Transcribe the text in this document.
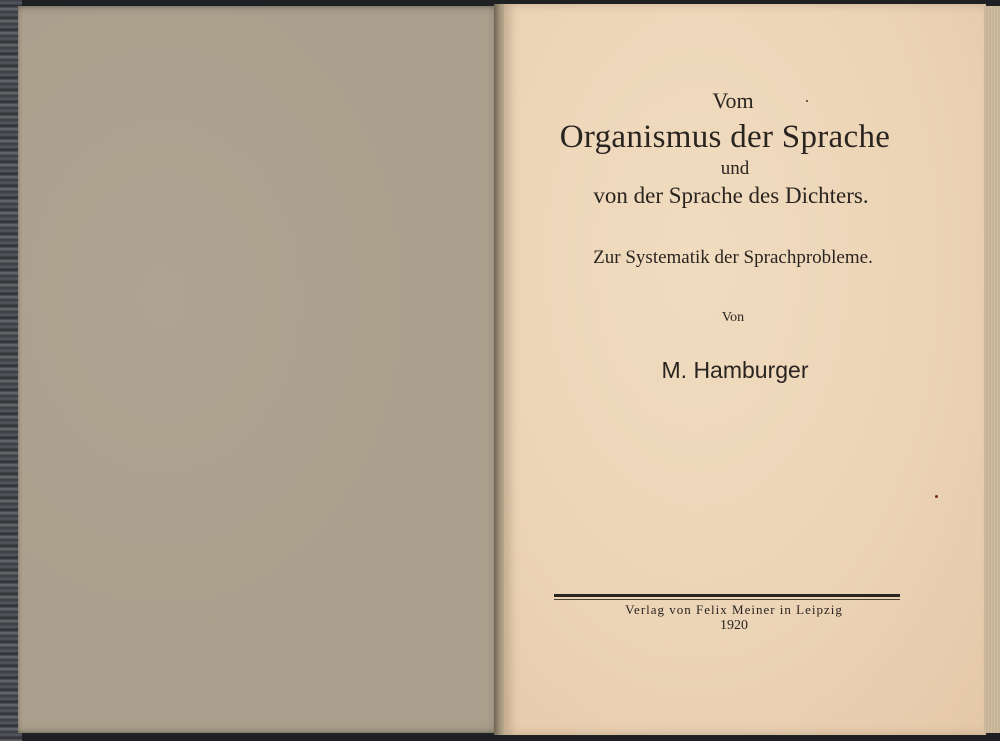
Vom
Organismus der Sprache
und
von der Sprache des Dichters.
Zur Systematik der Sprachprobleme.
Von
M. Hamburger
Verlag von Felix Meiner in Leipzig
1920
